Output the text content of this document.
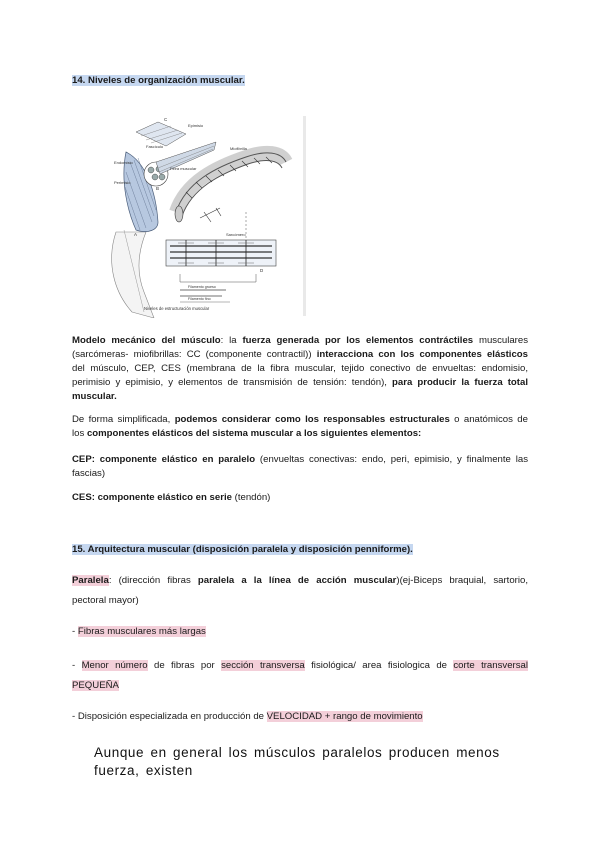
14. Niveles de organización muscular.
C
Epimisio
Fascículo
Endomisio
Perimisio
Fibra muscular
Miofibrilla
Sarcómero
A
B
D
Filamento grueso
Filamento fino
Niveles de estructuración muscular
Modelo mecánico del músculo: la fuerza generada por los elementos contráctiles musculares
(sarcómeras- miofibrillas: CC (componente contractil)) interacciona con los componentes elásticos
del músculo, CEP, CES (membrana de la fibra muscular, tejido conectivo de envueltas: endomisio,
perimisio y epimisio, y elementos de transmisión de tensión: tendón), para producir la fuerza total
muscular.
De forma simplificada, podemos considerar como los responsables estructurales o anatómicos de
los componentes elásticos del sistema muscular a los siguientes elementos:
CEP: componente elástico en paralelo (envueltas conectivas: endo, peri, epimisio, y finalmente las
fascias)
CES: componente elástico en serie (tendón)
15. Arquitectura muscular (disposición paralela y disposición penniforme).
Paralela: (dirección fibras paralela a la línea de acción muscular)(ej-Biceps braquial, sartorio,
pectoral mayor)
- Fibras musculares más largas
- Menor número de fibras por sección transversa fisiológica/ area fisiologica de corte transversal
PEQUEÑA
- Disposición especializada en producción de VELOCIDAD + rango de movimiento
Aunque en general los músculos paralelos producen menos fuerza, existen
